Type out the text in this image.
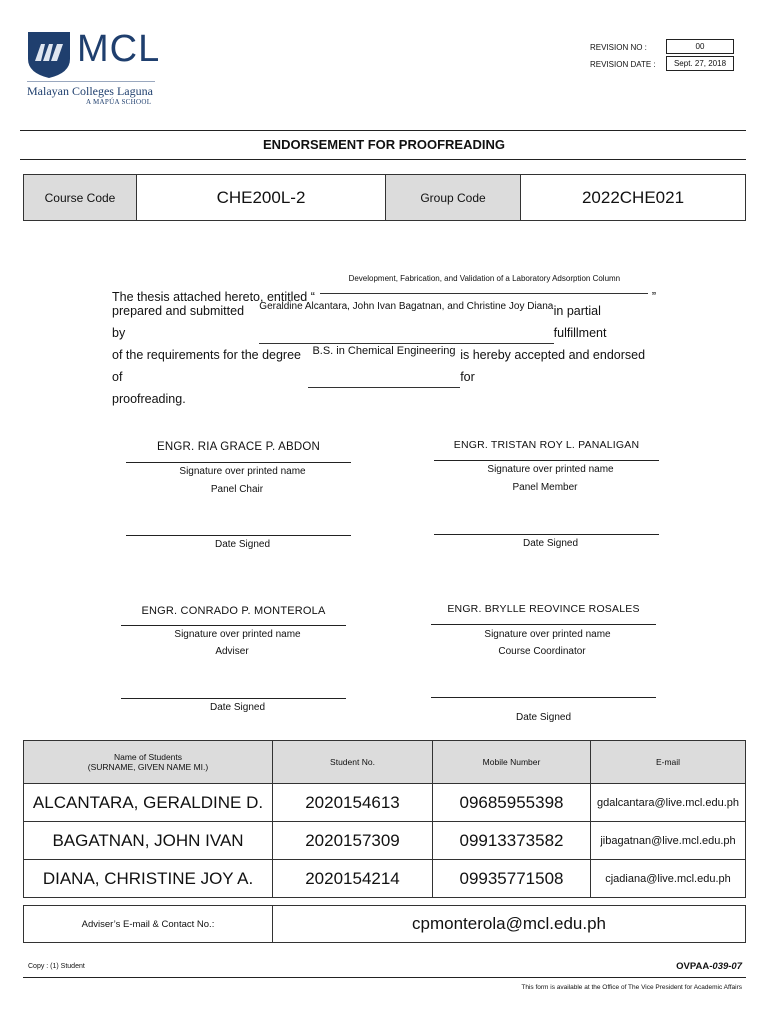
MCL
Malayan Colleges Laguna
A MAPÚA SCHOOL
REVISION NO :	00
REVISION DATE :	Sept. 27, 2018
ENDORSEMENT FOR PROOFREADING
Course Code	CHE200L-2	Group Code	2022CHE021
The thesis attached hereto, entitled “
Development, Fabrication, and Validation of a Laboratory Adsorption Column
”
prepared and submitted by
Geraldine Alcantara, John Ivan Bagatnan, and Christine Joy Diana in partial fulfillment
of the requirements for the degree of
B.S. in Chemical Engineering is hereby accepted and endorsed for
proofreading.
ENGR. RIA GRACE P. ABDON
Signature over printed name
Panel Chair
Date Signed
ENGR. TRISTAN ROY L. PANALIGAN
Signature over printed name
Panel Member
Date Signed
ENGR. CONRADO P. MONTEROLA
Signature over printed name
Adviser
Date Signed
ENGR. BRYLLE REOVINCE ROSALES
Signature over printed name
Course Coordinator
Date Signed
Name of Students
(SURNAME, GIVEN NAME MI.)	Student No.	Mobile Number	E-mail
ALCANTARA, GERALDINE D.	2020154613	09685955398	gdalcantara@live.mcl.edu.ph
BAGATNAN, JOHN IVAN	2020157309	09913373582	jibagatnan@live.mcl.edu.ph
DIANA, CHRISTINE JOY A.	2020154214	09935771508	cjadiana@live.mcl.edu.ph
Adviser’s E-mail & Contact No.:	cpmonterola@mcl.edu.ph
Copy : (1) Student	OVPAA-039-07
This form is available at the Office of The Vice President for Academic Affairs
